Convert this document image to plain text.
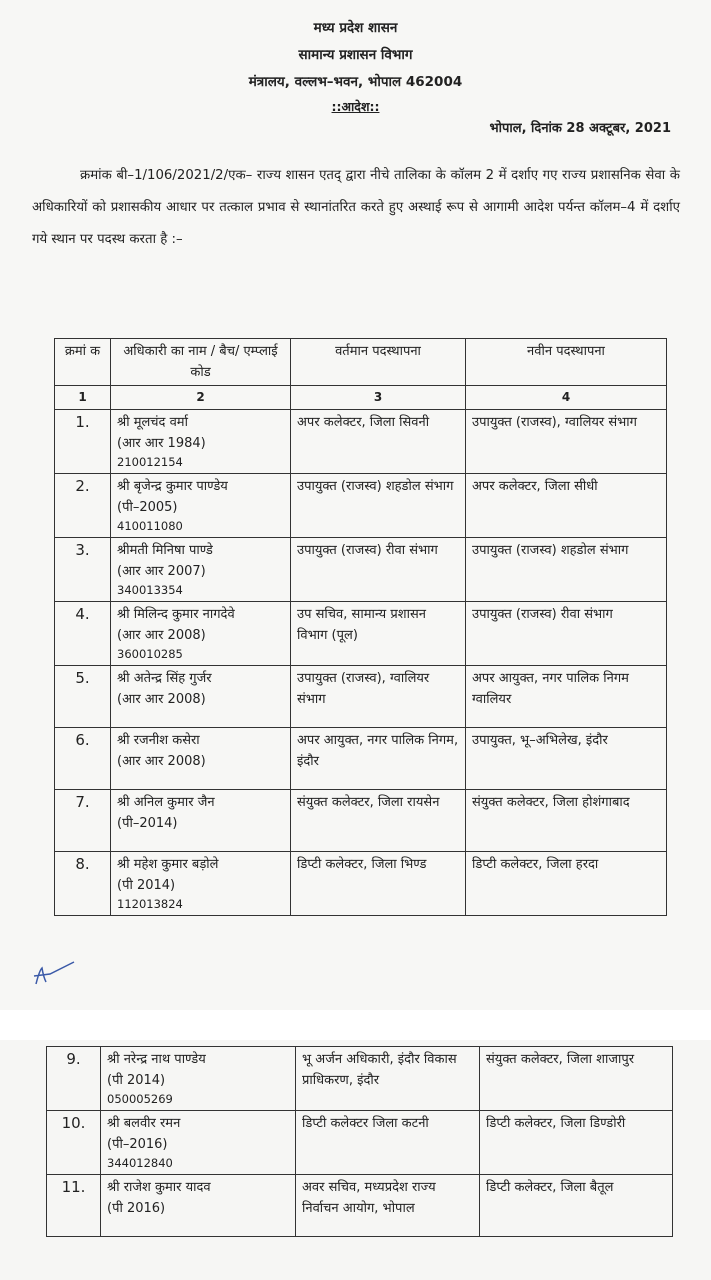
मध्य प्रदेश शासन
सामान्य प्रशासन विभाग
मंत्रालय, वल्लभ–भवन, भोपाल 462004
::आदेश::
भोपाल, दिनांक 28 अक्टूबर, 2021
क्रमांक बी–1/106/2021/2/एक– राज्य शासन एतद् द्वारा नीचे तालिका के कॉलम 2 में दर्शाए गए राज्य प्रशासनिक सेवा के अधिकारियों को प्रशासकीय आधार पर तत्काल प्रभाव से स्थानांतरित करते हुए अस्थाई रूप से आगामी आदेश पर्यन्त कॉलम–4 में दर्शाए गये स्थान पर पदस्थ करता है :–
क्रमां क	अधिकारी का नाम / बैच/ एम्प्लाई कोड	वर्तमान पदस्थापना	नवीन पदस्थापना
1	2	3	4
1.	श्री मूलचंद वर्मा
(आर आर 1984)
210012154	अपर कलेक्टर, जिला सिवनी	उपायुक्त (राजस्व), ग्वालियर संभाग
2.	श्री बृजेन्द्र कुमार पाण्डेय
(पी–2005)
410011080	उपायुक्त (राजस्व) शहडोल संभाग	अपर कलेक्टर, जिला सीधी
3.	श्रीमती मिनिषा पाण्डे
(आर आर 2007)
340013354	उपायुक्त (राजस्व) रीवा संभाग	उपायुक्त (राजस्व) शहडोल संभाग
4.	श्री मिलिन्द कुमार नागदेवे
(आर आर 2008)
360010285	उप सचिव, सामान्य प्रशासन विभाग (पूल)	उपायुक्त (राजस्व) रीवा संभाग
5.	श्री अतेन्द्र सिंह गुर्जर
(आर आर 2008)	उपायुक्त (राजस्व), ग्वालियर संभाग	अपर आयुक्त, नगर पालिक निगम ग्वालियर
6.	श्री रजनीश कसेरा
(आर आर 2008)	अपर आयुक्त, नगर पालिक निगम, इंदौर	उपायुक्त, भू–अभिलेख, इंदौर
7.	श्री अनिल कुमार जैन
(पी–2014)	संयुक्त कलेक्टर, जिला रायसेन	संयुक्त कलेक्टर, जिला होशंगाबाद
8.	श्री महेश कुमार बड़ोले
(पी 2014)
112013824	डिप्टी कलेक्टर, जिला भिण्ड	डिप्टी कलेक्टर, जिला हरदा
9.	श्री नरेन्द्र नाथ पाण्डेय
(पी 2014)
050005269	भू अर्जन अधिकारी, इंदौर विकास प्राधिकरण, इंदौर	संयुक्त कलेक्टर, जिला शाजापुर
10.	श्री बलवीर रमन
(पी–2016)
344012840	डिप्टी कलेक्टर जिला कटनी	डिप्टी कलेक्टर, जिला डिण्डोरी
11.	श्री राजेश कुमार यादव
(पी 2016)	अवर सचिव, मध्यप्रदेश राज्य निर्वाचन आयोग, भोपाल	डिप्टी कलेक्टर, जिला बैतूल
